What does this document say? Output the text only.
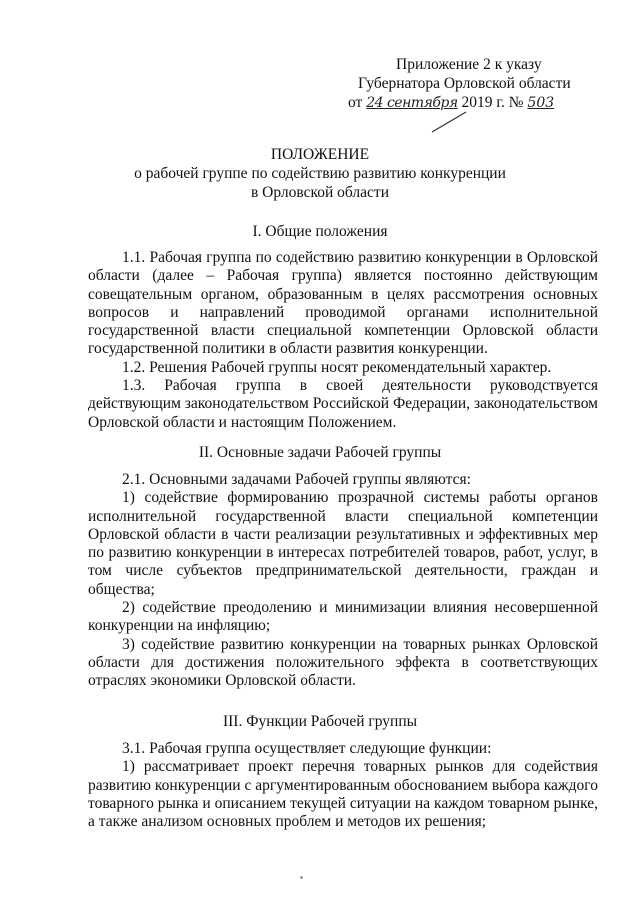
Приложение 2 к указу
Губернатора Орловской области
от 24 сентября 2019 г. № 503
ПОЛОЖЕНИЕ
о рабочей группе по содействию развитию конкуренции
в Орловской области
I. Общие положения

1.1. Рабочая группа по содействию развитию конкуренции в Орловской области (далее – Рабочая группа) является постоянно действующим совещательным органом, образованным в целях рассмотрения основных вопросов и направлений проводимой органами исполнительной государственной власти специальной компетенции Орловской области государственной политики в области развития конкуренции.

1.2. Решения Рабочей группы носят рекомендательный характер.

1.3. Рабочая группа в своей деятельности руководствуется действующим законодательством Российской Федерации, законодательством Орловской области и настоящим Положением.

II. Основные задачи Рабочей группы

2.1. Основными задачами Рабочей группы являются:

1) содействие формированию прозрачной системы работы органов исполнительной государственной власти специальной компетенции Орловской области в части реализации результативных и эффективных мер по развитию конкуренции в интересах потребителей товаров, работ, услуг, в том числе субъектов предпринимательской деятельности, граждан и общества;

2) содействие преодолению и минимизации влияния несовершенной конкуренции на инфляцию;

3) содействие развитию конкуренции на товарных рынках Орловской области для достижения положительного эффекта в соответствующих отраслях экономики Орловской области.

III. Функции Рабочей группы

3.1. Рабочая группа осуществляет следующие функции:

1) рассматривает проект перечня товарных рынков для содействия развитию конкуренции с аргументированным обоснованием выбора каждого товарного рынка и описанием текущей ситуации на каждом товарном рынке, а также анализом основных проблем и методов их решения;
